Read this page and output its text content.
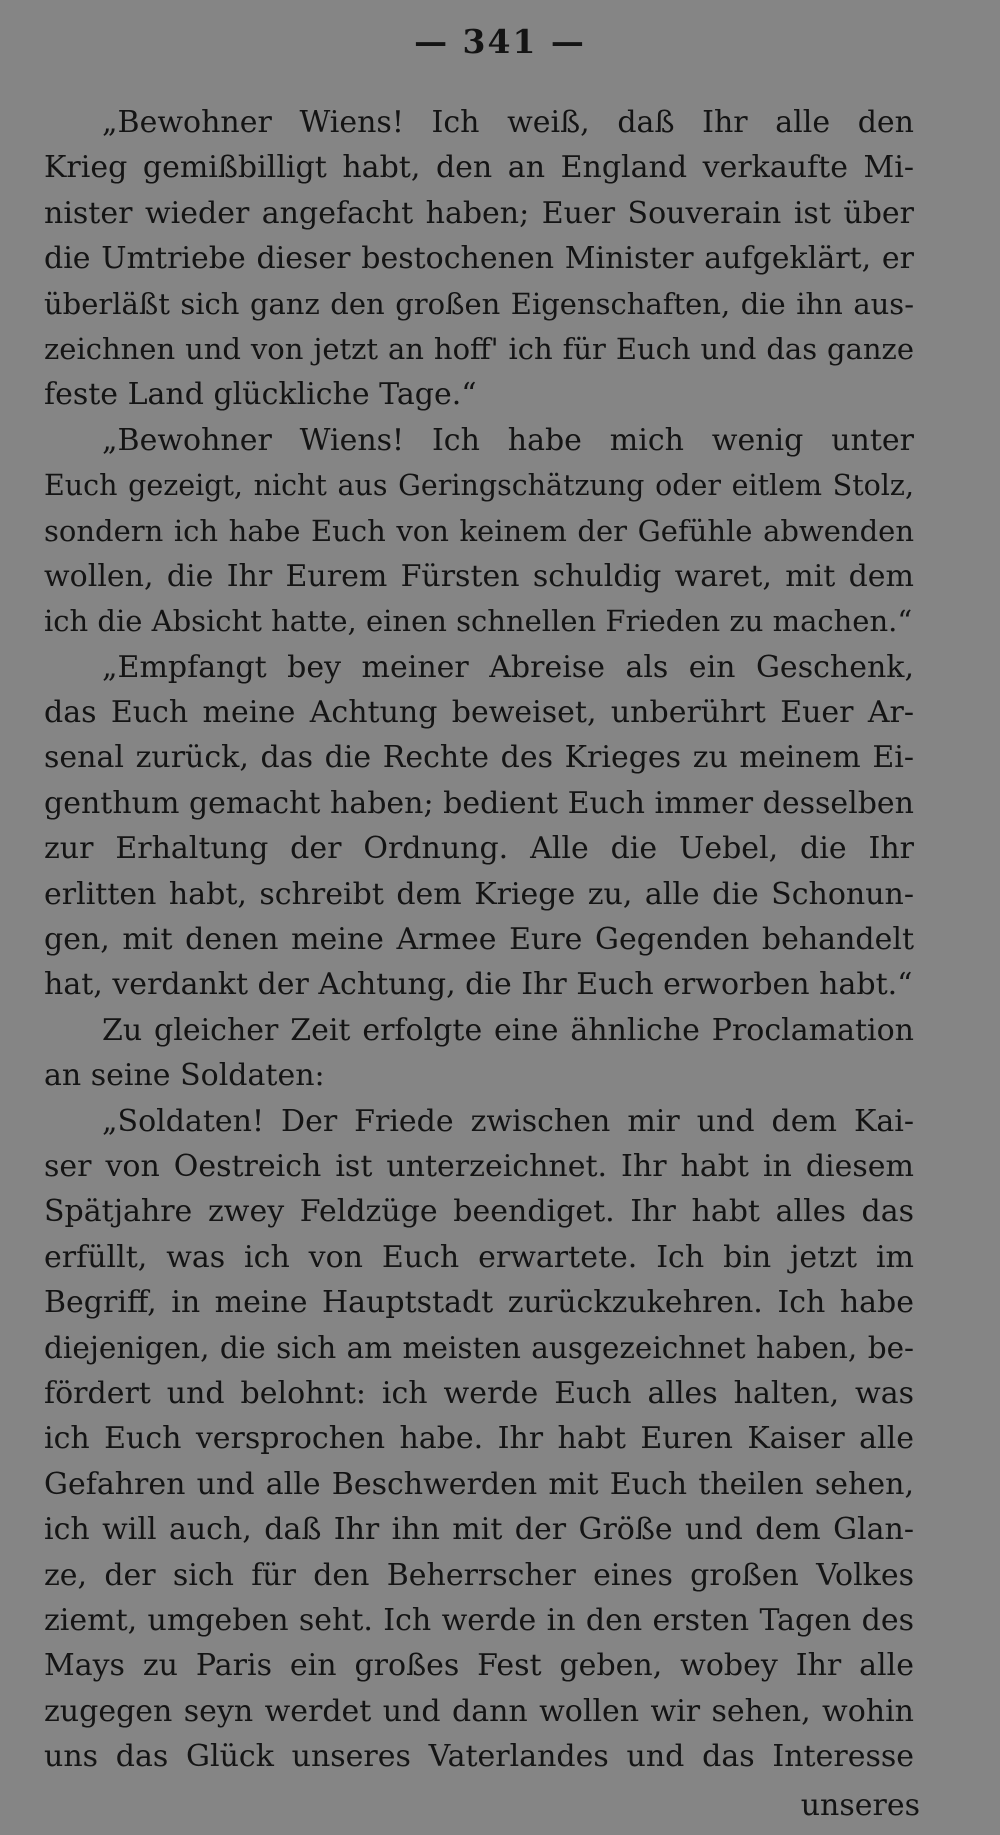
— 341 —
„Bewohner Wiens! Ich weiß, daß Ihr alle den
Krieg gemißbilligt habt, den an England verkaufte Mi-
nister wieder angefacht haben; Euer Souverain ist über
die Umtriebe dieser bestochenen Minister aufgeklärt, er
überläßt sich ganz den großen Eigenschaften, die ihn aus-
zeichnen und von jetzt an hoff' ich für Euch und das ganze
feste Land glückliche Tage.“
„Bewohner Wiens! Ich habe mich wenig unter
Euch gezeigt, nicht aus Geringschätzung oder eitlem Stolz,
sondern ich habe Euch von keinem der Gefühle abwenden
wollen, die Ihr Eurem Fürsten schuldig waret, mit dem
ich die Absicht hatte, einen schnellen Frieden zu machen.“
„Empfangt bey meiner Abreise als ein Geschenk,
das Euch meine Achtung beweiset, unberührt Euer Ar-
senal zurück, das die Rechte des Krieges zu meinem Ei-
genthum gemacht haben; bedient Euch immer desselben
zur Erhaltung der Ordnung. Alle die Uebel, die Ihr
erlitten habt, schreibt dem Kriege zu, alle die Schonun-
gen, mit denen meine Armee Eure Gegenden behandelt
hat, verdankt der Achtung, die Ihr Euch erworben habt.“
Zu gleicher Zeit erfolgte eine ähnliche Proclamation
an seine Soldaten:
„Soldaten! Der Friede zwischen mir und dem Kai-
ser von Oestreich ist unterzeichnet. Ihr habt in diesem
Spätjahre zwey Feldzüge beendiget. Ihr habt alles das
erfüllt, was ich von Euch erwartete. Ich bin jetzt im
Begriff, in meine Hauptstadt zurückzukehren. Ich habe
diejenigen, die sich am meisten ausgezeichnet haben, be-
fördert und belohnt: ich werde Euch alles halten, was
ich Euch versprochen habe. Ihr habt Euren Kaiser alle
Gefahren und alle Beschwerden mit Euch theilen sehen,
ich will auch, daß Ihr ihn mit der Größe und dem Glan-
ze, der sich für den Beherrscher eines großen Volkes
ziemt, umgeben seht. Ich werde in den ersten Tagen des
Mays zu Paris ein großes Fest geben, wobey Ihr alle
zugegen seyn werdet und dann wollen wir sehen, wohin
uns das Glück unseres Vaterlandes und das Interesse
unseres
